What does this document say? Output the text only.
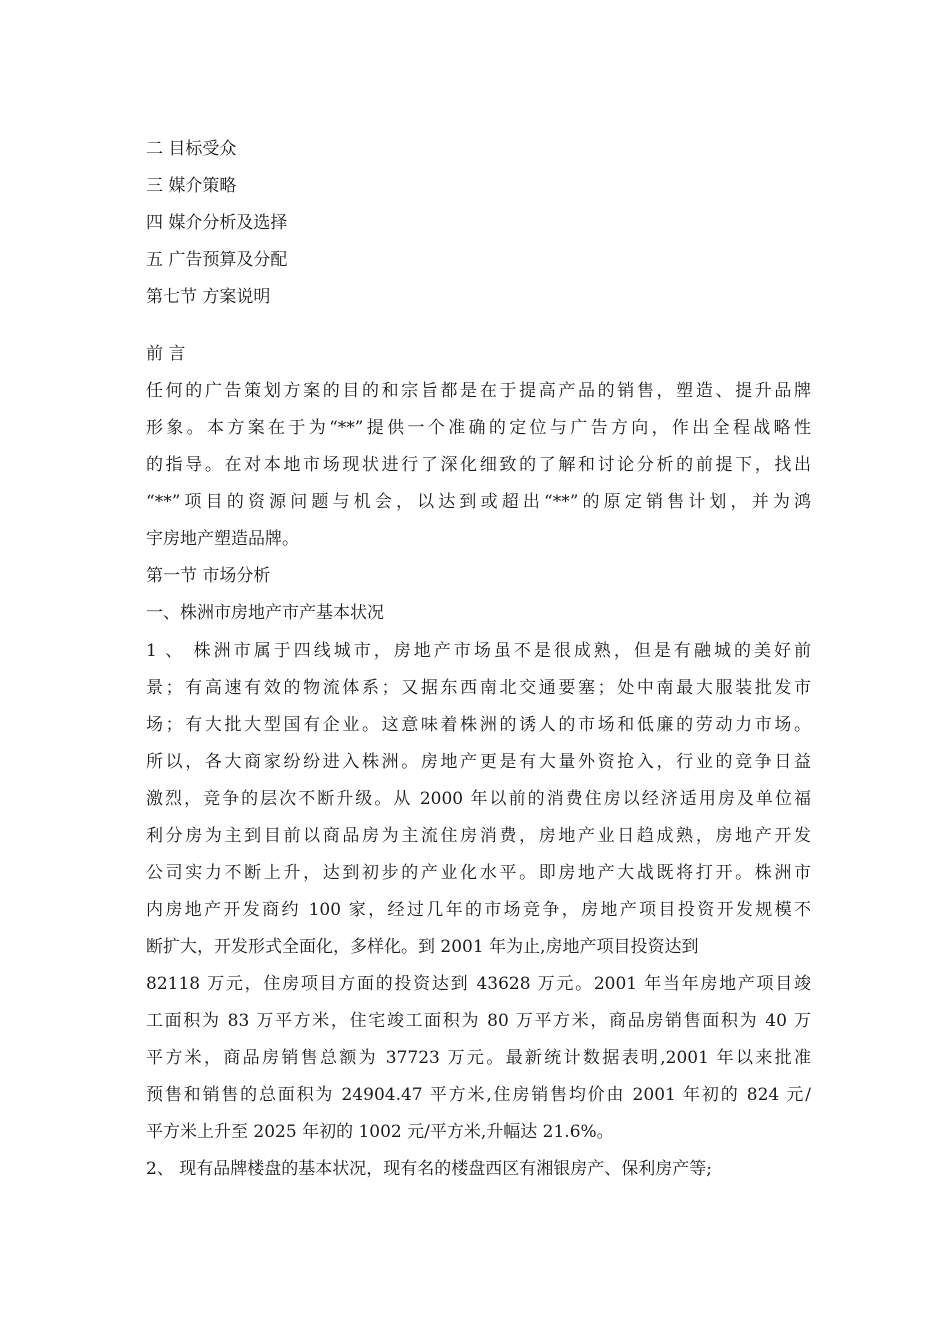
二 目标受众
三 媒介策略
四 媒介分析及选择
五 广告预算及分配
第七节 方案说明
前 言
任何的广告策划方案的目的和宗旨都是在于提高产品的销售，塑造、提升品牌
形象。本方案在于为“**”提供一个准确的定位与广告方向，作出全程战略性
的指导。在对本地市场现状进行了深化细致的了解和讨论分析的前提下，找出
“**”项目的资源问题与机会，以达到或超出“**”的原定销售计划，并为鸿
宇房地产塑造品牌。
第一节 市场分析
一、株洲市房地产市产基本状况
1 、 株洲市属于四线城市，房地产市场虽不是很成熟，但是有融城的美好前
景；有高速有效的物流体系；又据东西南北交通要塞；处中南最大服装批发市
场；有大批大型国有企业。这意味着株洲的诱人的市场和低廉的劳动力市场。
所以，各大商家纷纷进入株洲。房地产更是有大量外资抢入，行业的竞争日益
激烈，竞争的层次不断升级。从 2000 年以前的消费住房以经济适用房及单位福
利分房为主到目前以商品房为主流住房消费，房地产业日趋成熟，房地产开发
公司实力不断上升，达到初步的产业化水平。即房地产大战既将打开。株洲市
内房地产开发商约 100 家，经过几年的市场竞争，房地产项目投资开发规模不
断扩大，开发形式全面化，多样化。到 2001 年为止,房地产项目投资达到
82118 万元，住房项目方面的投资达到 43628 万元。2001 年当年房地产项目竣
工面积为 83 万平方米，住宅竣工面积为 80 万平方米，商品房销售面积为 40 万
平方米，商品房销售总额为 37723 万元。最新统计数据表明,2001 年以来批准
预售和销售的总面积为 24904.47 平方米,住房销售均价由 2001 年初的 824 元/
平方米上升至 2025 年初的 1002 元/平方米,升幅达 21.6%。
2、 现有品牌楼盘的基本状况，现有名的楼盘西区有湘银房产、保利房产等;
